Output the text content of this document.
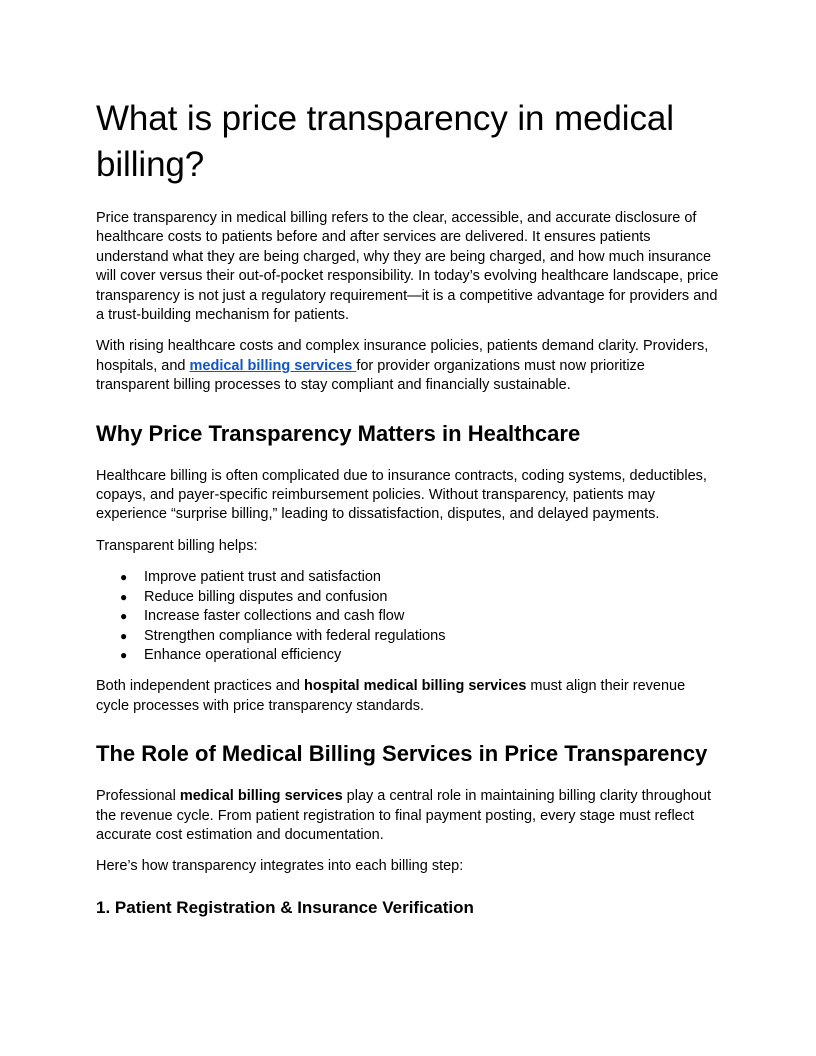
What is price transparency in medical billing?

Price transparency in medical billing refers to the clear, accessible, and accurate disclosure of healthcare costs to patients before and after services are delivered. It ensures patients understand what they are being charged, why they are being charged, and how much insurance will cover versus their out-of-pocket responsibility. In today’s evolving healthcare landscape, price transparency is not just a regulatory requirement—it is a competitive advantage for providers and a trust-building mechanism for patients.

With rising healthcare costs and complex insurance policies, patients demand clarity. Providers, hospitals, and medical billing services for provider organizations must now prioritize transparent billing processes to stay compliant and financially sustainable.

Why Price Transparency Matters in Healthcare

Healthcare billing is often complicated due to insurance contracts, coding systems, deductibles, copays, and payer-specific reimbursement policies. Without transparency, patients may experience “surprise billing,” leading to dissatisfaction, disputes, and delayed payments.

Transparent billing helps:

● Improve patient trust and satisfaction
● Reduce billing disputes and confusion
● Increase faster collections and cash flow
● Strengthen compliance with federal regulations
● Enhance operational efficiency

Both independent practices and hospital medical billing services must align their revenue cycle processes with price transparency standards.

The Role of Medical Billing Services in Price Transparency

Professional medical billing services play a central role in maintaining billing clarity throughout the revenue cycle. From patient registration to final payment posting, every stage must reflect accurate cost estimation and documentation.

Here’s how transparency integrates into each billing step:

1. Patient Registration & Insurance Verification
